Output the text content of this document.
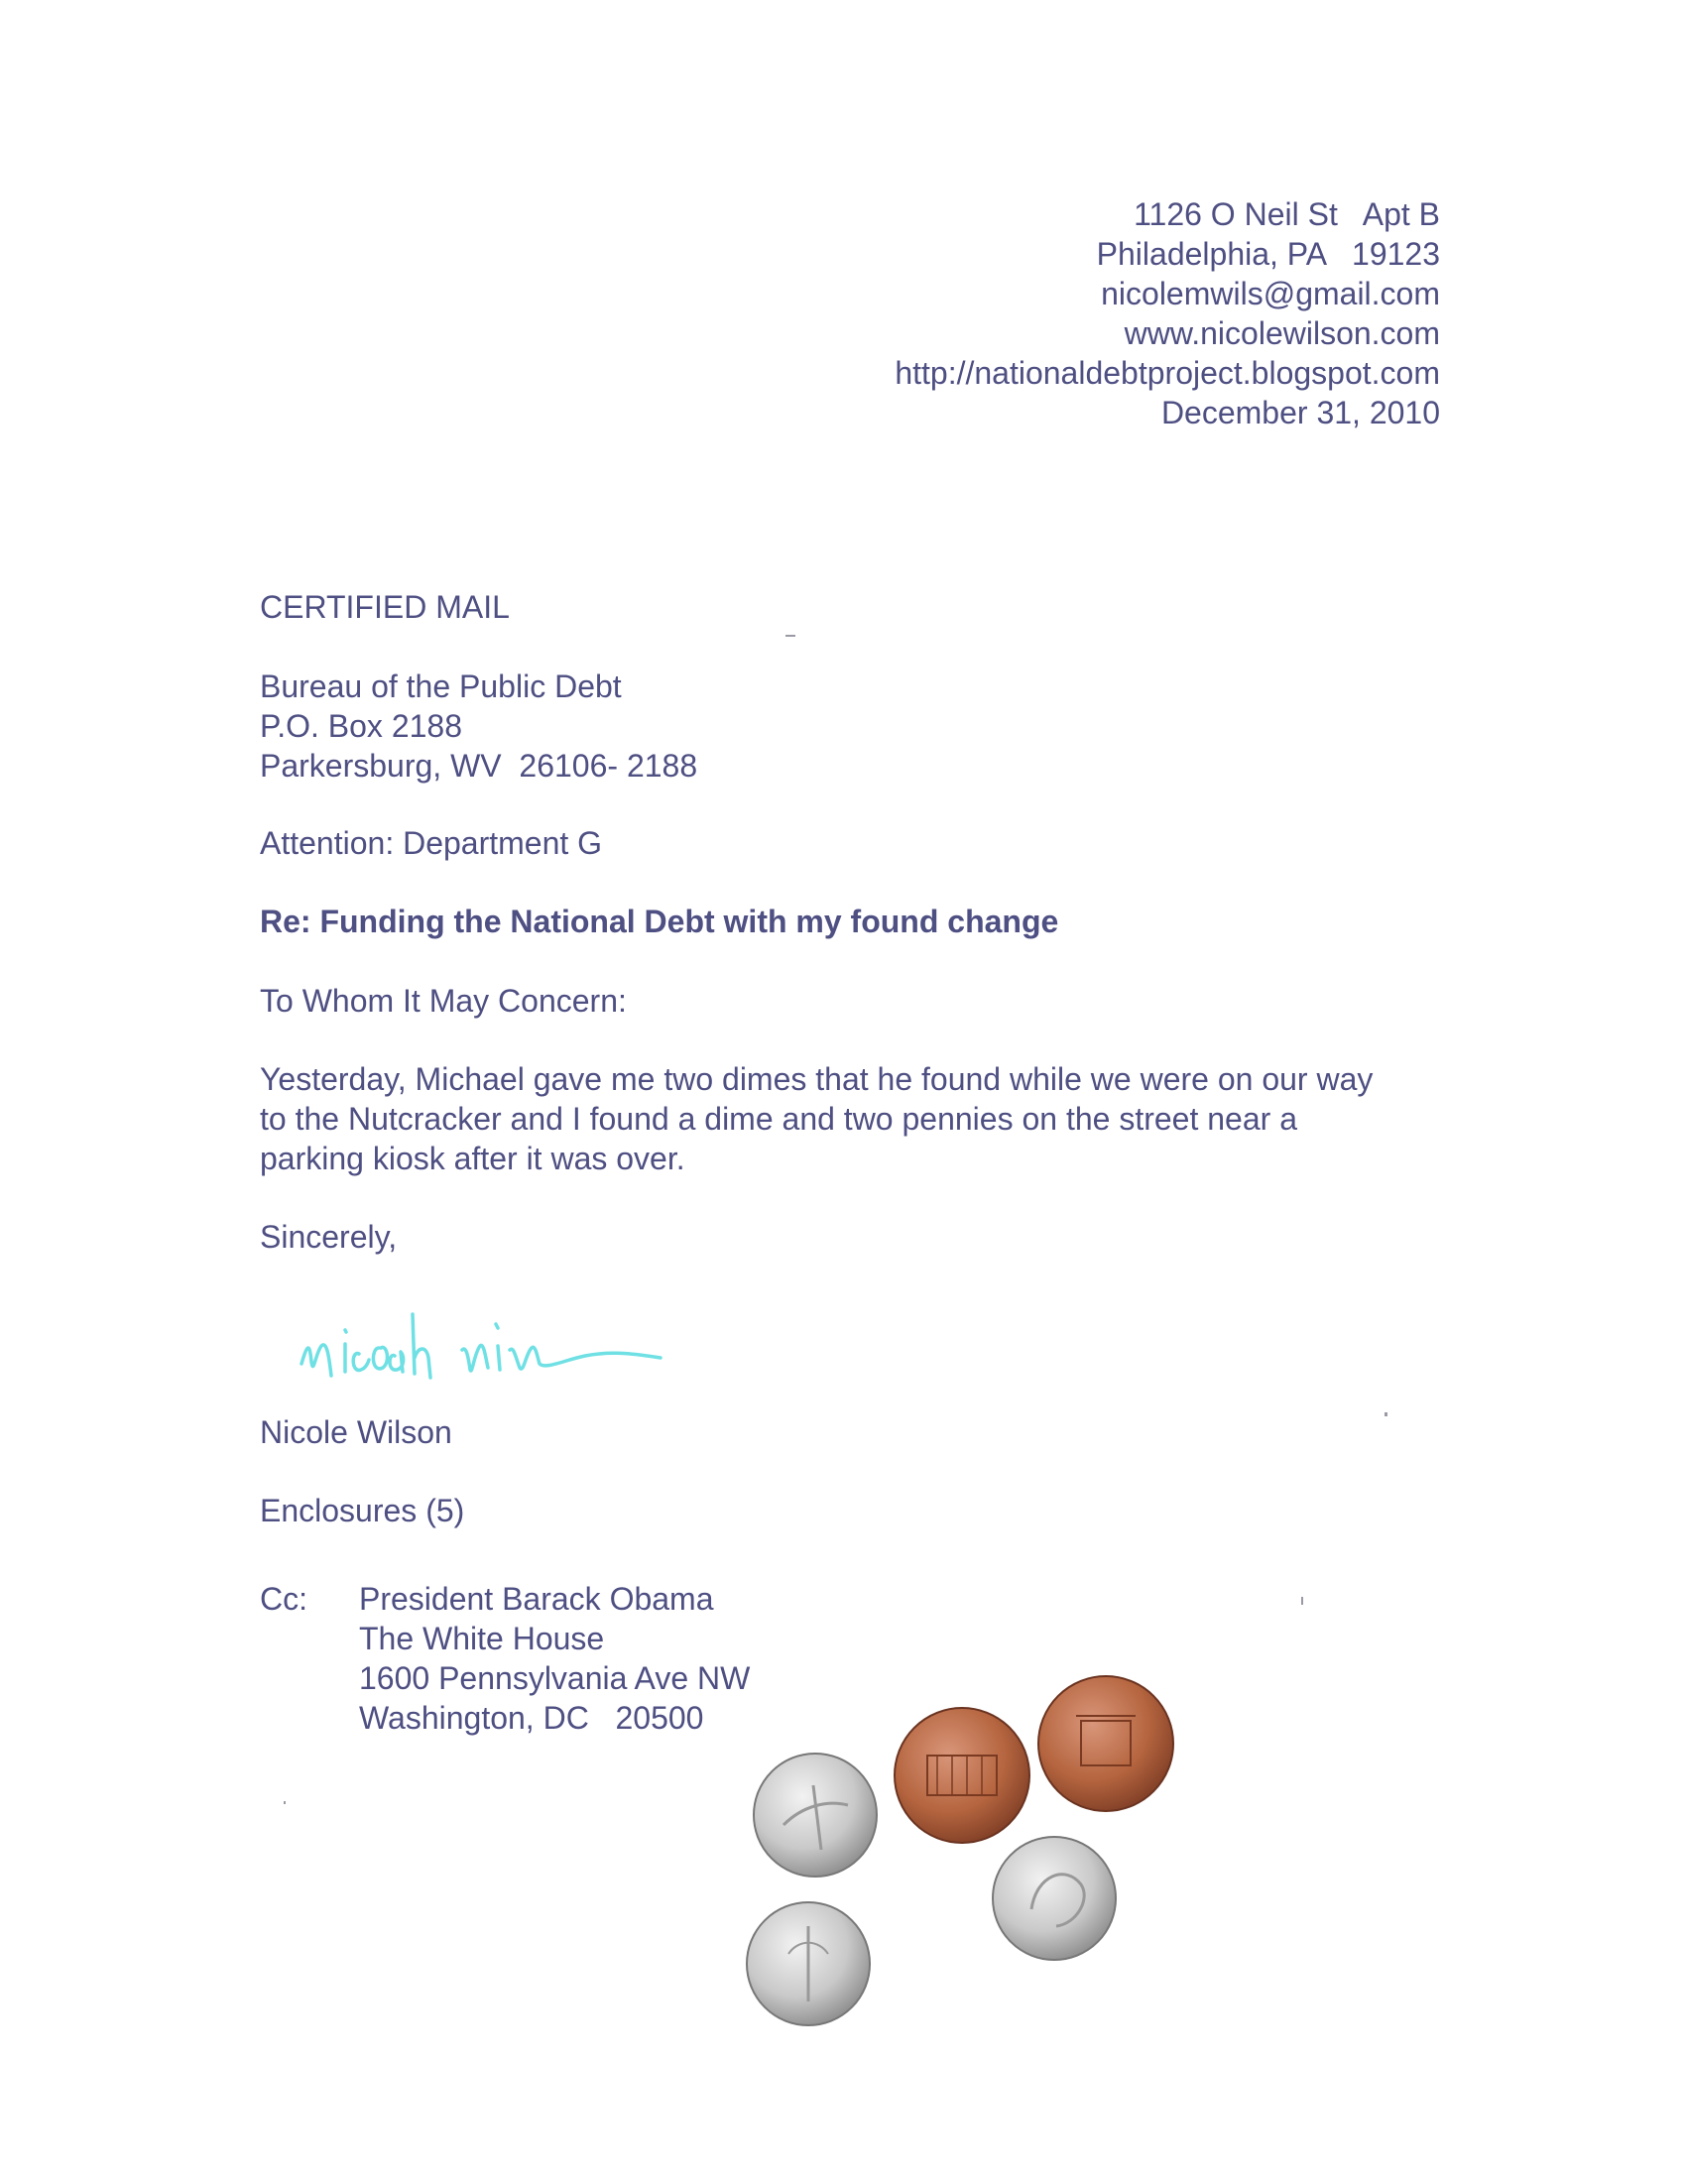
1126 O Neil St   Apt B
Philadelphia, PA   19123
nicolemwils@gmail.com
www.nicolewilson.com
http://nationaldebtproject.blogspot.com
December 31, 2010
CERTIFIED MAIL
Bureau of the Public Debt
P.O. Box 2188
Parkersburg, WV  26106- 2188
Attention: Department G
Re: Funding the National Debt with my found change
To Whom It May Concern:
Yesterday, Michael gave me two dimes that he found while we were on our way
to the Nutcracker and I found a dime and two pennies on the street near a
parking kiosk after it was over.
Sincerely,
Nicole Wilson
Enclosures (5)
Cc: President Barack Obama
The White House
1600 Pennsylvania Ave NW
Washington, DC   20500
